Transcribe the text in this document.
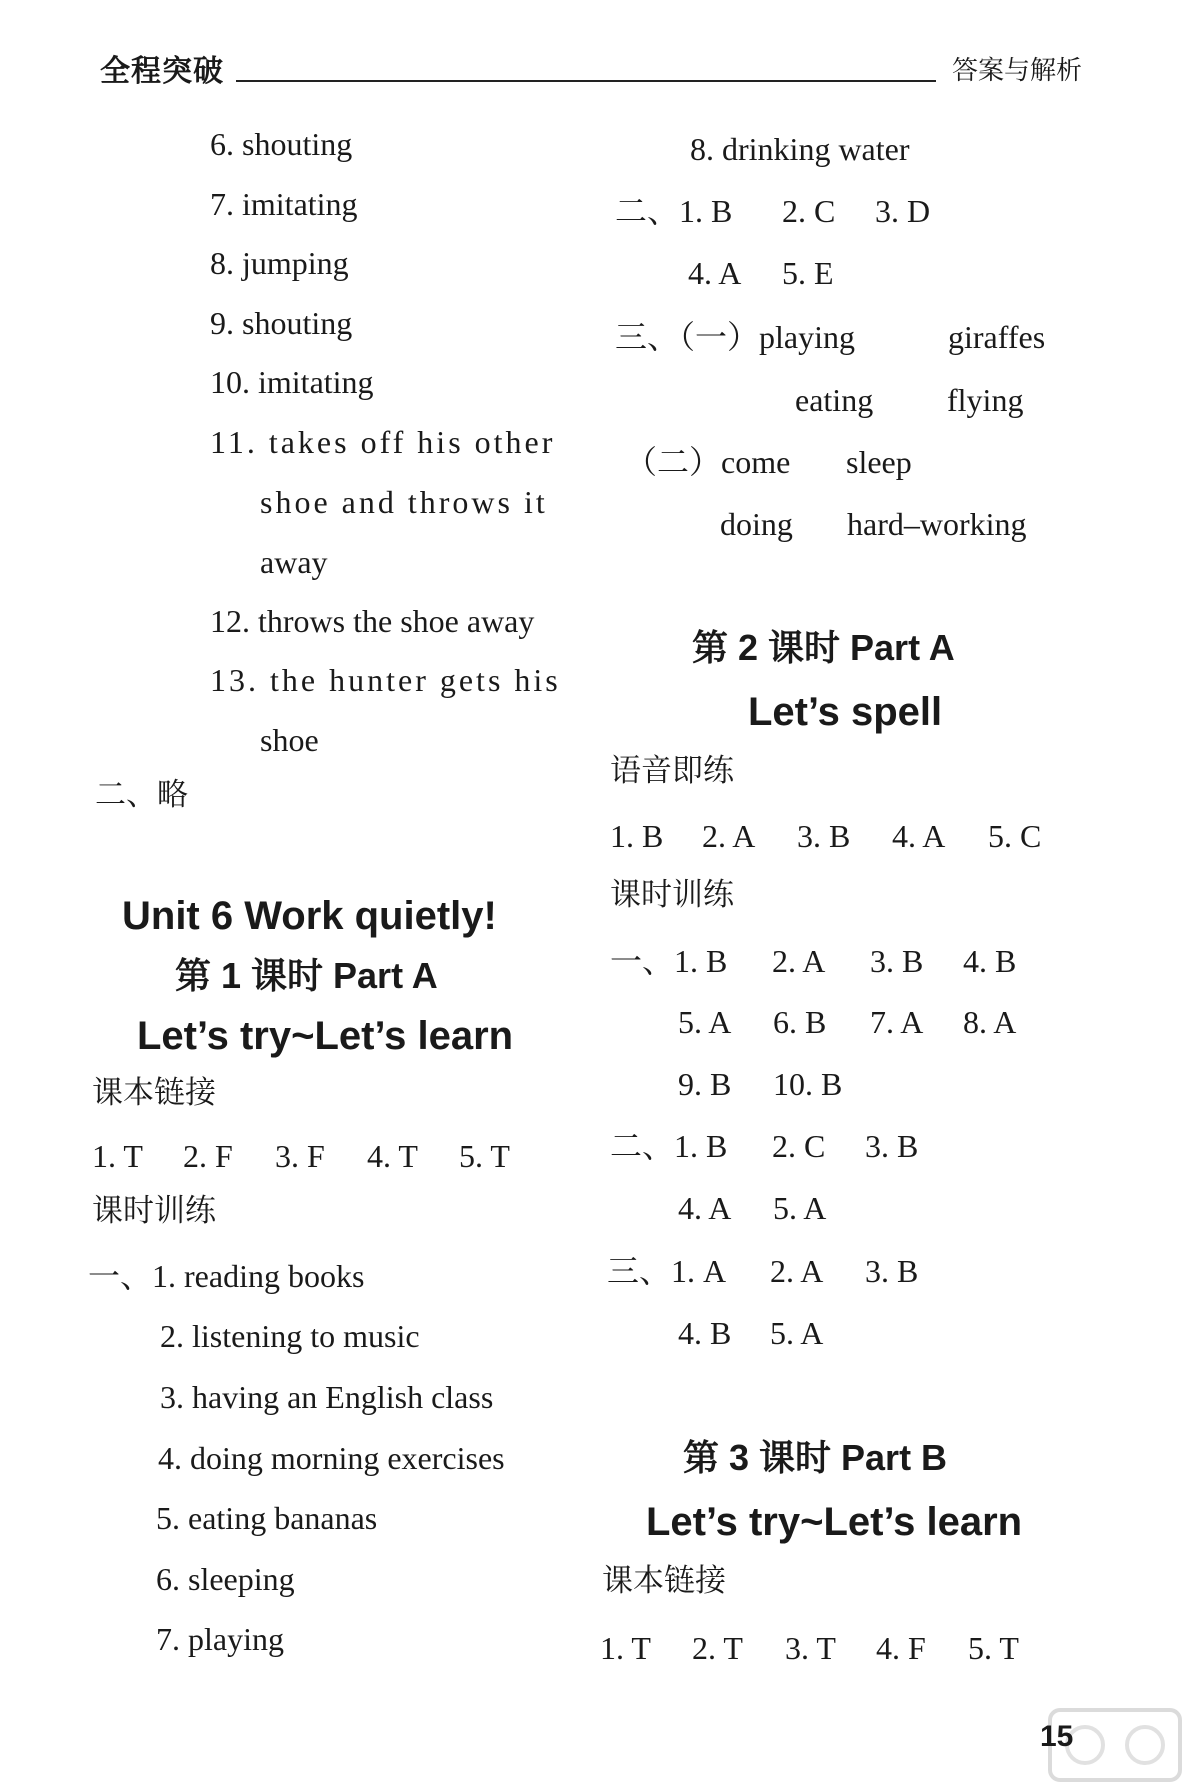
全程突破	答案与解析
6. shouting
7. imitating
8. jumping
9. shouting
10. imitating
11. takes off his other
shoe and throws it
away
12. throws the shoe away
13. the hunter gets his
shoe
二、略
Unit 6 Work quietly!
第 1 课时 Part A
Let’s try~Let’s learn
课本链接
1. T 2. F 3. F 4. T 5. T
课时训练
一、1. reading books
2. listening to music
3. having an English class
4. doing morning exercises
5. eating bananas
6. sleeping
7. playing
8. drinking water
二、1. B 2. C 3. D
4. A 5. E
三、（一）playing	giraffes
eating flying
（二）come sleep
doing hard–working
第 2 课时 Part A
Let’s spell
语音即练
1. B 2. A 3. B 4. A 5. C
课时训练
一、1. B 2. A 3. B 4. B
5. A 6. B 7. A 8. A
9. B 10. B
二、1. B 2. C 3. B
4. A 5. A
三、1. A 2. A 3. B
4. B 5. A
第 3 课时 Part B
Let’s try~Let’s learn
课本链接
1. T 2. T 3. T 4. F 5. T
15
